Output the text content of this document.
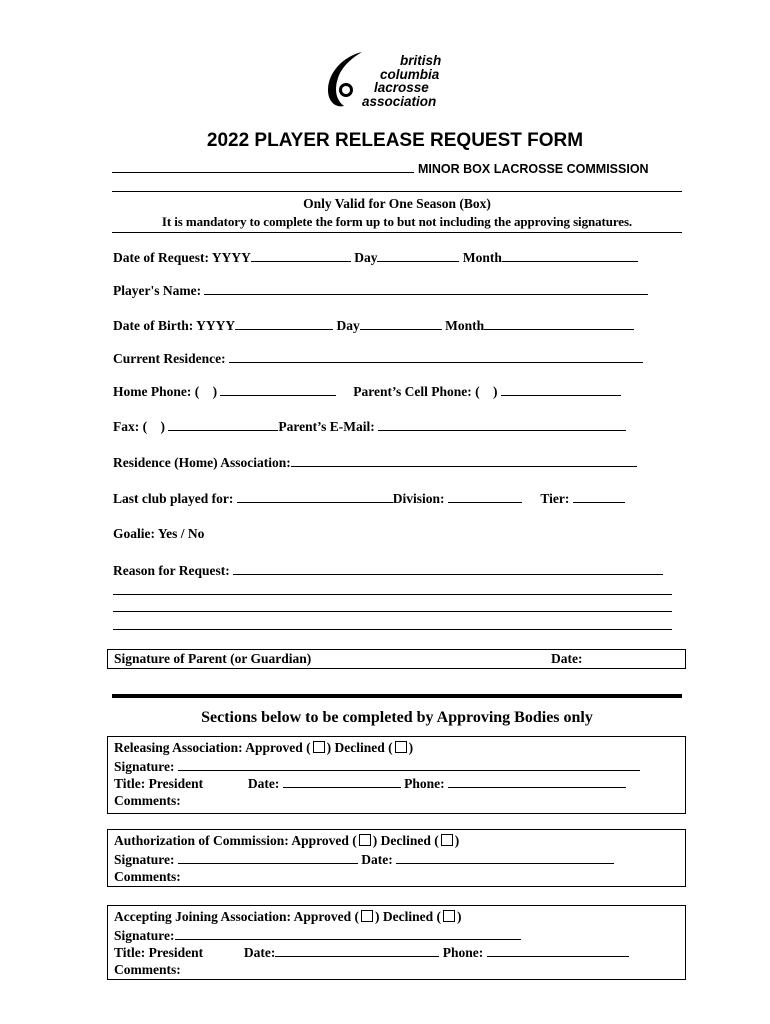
british
columbia
lacrosse
association
2022 PLAYER RELEASE REQUEST FORM
MINOR BOX LACROSSE COMMISSION
Only Valid for One Season (Box)
It is mandatory to complete the form up to but not including the approving signatures.
Date of Request: YYYY	Day	Month
Player's Name:
Date of Birth: YYYY	Day	Month
Current Residence:
Home Phone: ( )	Parent’s Cell Phone: ( )
Fax: ( )	Parent’s E-Mail:
Residence (Home) Association:
Last club played for:	Division:	Tier:
Goalie: Yes / No
Reason for Request:
Signature of Parent (or Guardian)	Date:
Sections below to be completed by Approving Bodies only
Releasing Association: Approved ( ) Declined ( )
Signature:
Title: President	Date:	Phone:
Comments:
Authorization of Commission: Approved ( ) Declined ( )
Signature:	Date:
Comments:
Accepting Joining Association: Approved ( ) Declined ( )
Signature:
Title: President	Date:	Phone:
Comments:
